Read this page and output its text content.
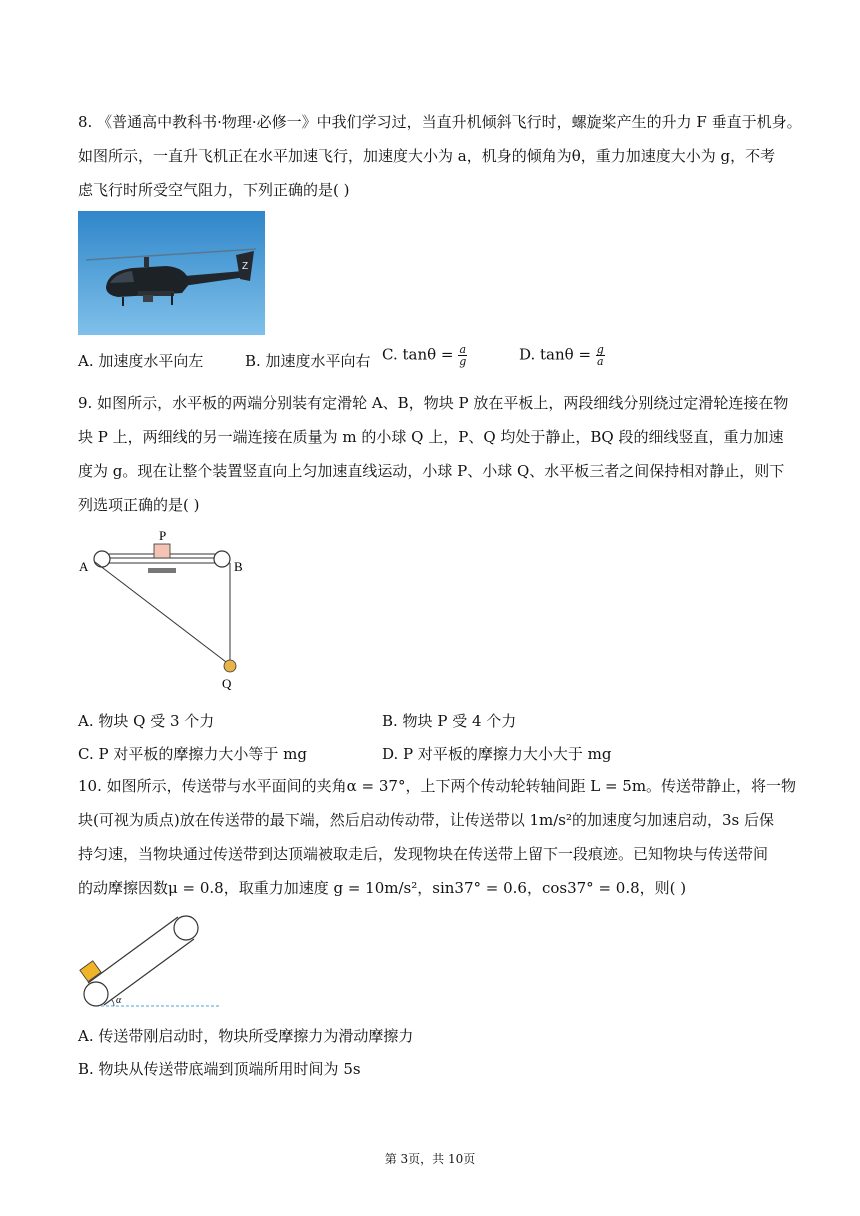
8. 《普通高中教科书·物理·必修一》中我们学习过，当直升机倾斜飞行时，螺旋桨产生的升力 F 垂直于机身。
如图所示，一直升飞机正在水平加速飞行，加速度大小为 a，机身的倾角为θ，重力加速度大小为 g，不考
虑飞行时所受空气阻力，下列正确的是( )
Z
A. 加速度水平向左	B. 加速度水平向右 C. $\tan\theta = \frac{a}{g}$	D. $\tan\theta = \frac{g}{a}$
9. 如图所示，水平板的两端分别装有定滑轮 A、B，物块 P 放在平板上，两段细线分别绕过定滑轮连接在物
块 P 上，两细线的另一端连接在质量为 m 的小球 Q 上，P、Q 均处于静止，BQ 段的细线竖直，重力加速
度为 g。现在让整个装置竖直向上匀加速直线运动，小球 P、小球 Q、水平板三者之间保持相对静止，则下
列选项正确的是( )
P
A	B
Q
A. 物块 Q 受 3 个力	B. 物块 P 受 4 个力
C. P 对平板的摩擦力大小等于 mg	D. P 对平板的摩擦力大小大于 mg
10. 如图所示，传送带与水平面间的夹角α = 37°，上下两个传动轮转轴间距 L = 5m。传送带静止，将一物
块(可视为质点)放在传送带的最下端，然后启动传动带，让传送带以 1m/s²的加速度匀加速启动，3s 后保
持匀速，当物块通过传送带到达顶端被取走后，发现物块在传送带上留下一段痕迹。已知物块与传送带间
的动摩擦因数μ = 0.8，取重力加速度 g = 10m/s²，sin37° = 0.6，cos37° = 0.8，则( )
α
A. 传送带刚启动时，物块所受摩擦力为滑动摩擦力
B. 物块从传送带底端到顶端所用时间为 5s
第 3页，共 10页
